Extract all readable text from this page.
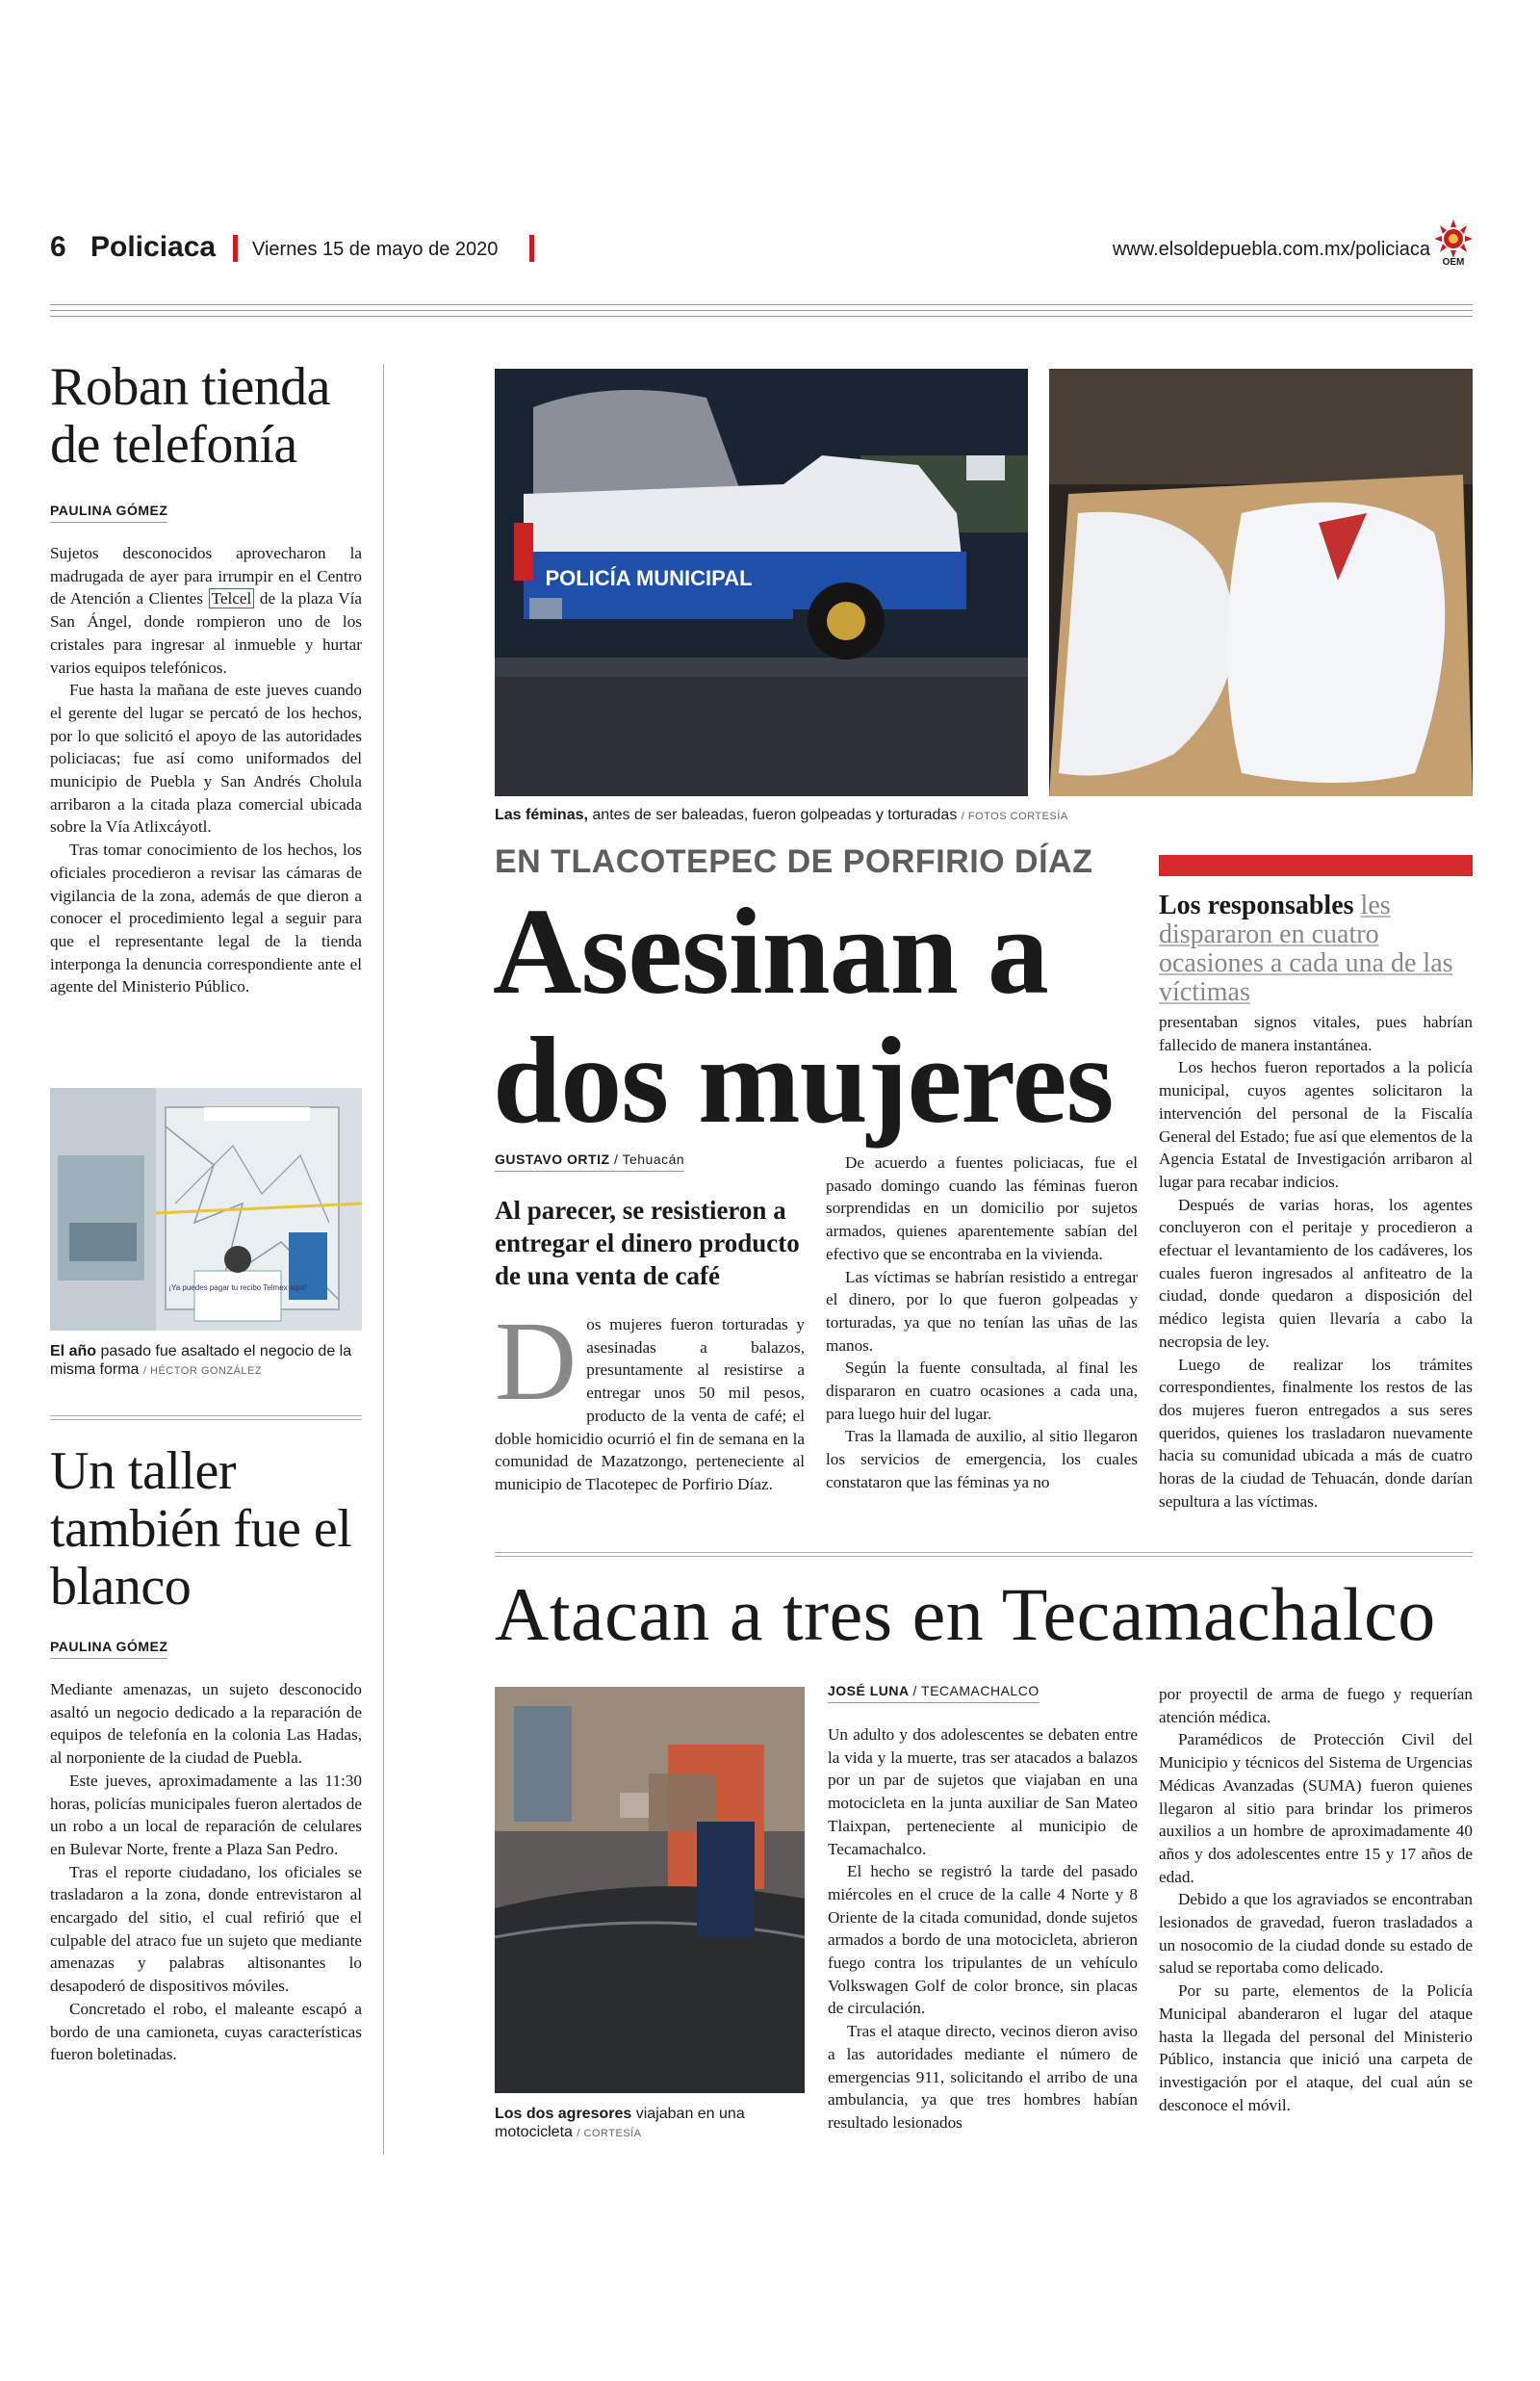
6 Policiaca Viernes 15 de mayo de 2020	www.elsoldepuebla.com.mx/policiaca
OEM
Roban tienda de telefonía
PAULINA GÓMEZ

Sujetos desconocidos aprovecharon la madrugada de ayer para irrumpir en el Centro de Atención a Clientes Telcel de la plaza Vía San Ángel, donde rompieron uno de los cristales para ingresar al inmueble y hurtar varios equipos telefónicos.

Fue hasta la mañana de este jueves cuando el gerente del lugar se percató de los hechos, por lo que solicitó el apoyo de las autoridades policiacas; fue así como uniformados del municipio de Puebla y San Andrés Cholula arribaron a la citada plaza comercial ubicada sobre la Vía Atlixcáyotl.

Tras tomar conocimiento de los hechos, los oficiales procedieron a revisar las cámaras de vigilancia de la zona, además de que dieron a conocer el procedimiento legal a seguir para que el representante legal de la tienda interponga la denuncia correspondiente ante el agente del Ministerio Público.

¡Ya puedes pagar tu recibo Telmex aquí!
El año pasado fue asaltado el negocio de la misma forma / HÉCTOR GONZÁLEZ
Un taller también fue el blanco
PAULINA GÓMEZ

Mediante amenazas, un sujeto desconocido asaltó un negocio dedicado a la reparación de equipos de telefonía en la colonia Las Hadas, al norponiente de la ciudad de Puebla.

Este jueves, aproximadamente a las 11:30 horas, policías municipales fueron alertados de un robo a un local de reparación de celulares en Bulevar Norte, frente a Plaza San Pedro.

Tras el reporte ciudadano, los oficiales se trasladaron a la zona, donde entrevistaron al encargado del sitio, el cual refirió que el culpable del atraco fue un sujeto que mediante amenazas y palabras altisonantes lo desapoderó de dispositivos móviles.

Concretado el robo, el maleante escapó a bordo de una camioneta, cuyas características fueron boletinadas.

POLICÍA MUNICIPAL
Las féminas, antes de ser baleadas, fueron golpeadas y torturadas / FOTOS CORTESÍA
EN TLACOTEPEC DE PORFIRIO DÍAZ
Asesinan a
dos mujeres
GUSTAVO ORTIZ / Tehuacán
Al parecer, se resistieron a entregar el dinero producto de una venta de café
Dos mujeres fueron torturadas y asesinadas a balazos, presuntamente al resistirse a entregar unos 50 mil pesos, producto de la venta de café; el doble homicidio ocurrió el fin de semana en la comunidad de Mazatzongo, perteneciente al municipio de Tlacotepec de Porfirio Díaz.

De acuerdo a fuentes policiacas, fue el pasado domingo cuando las féminas fueron sorprendidas en un domicilio por sujetos armados, quienes aparentemente sabían del efectivo que se encontraba en la vivienda.

Las víctimas se habrían resistido a entregar el dinero, por lo que fueron golpeadas y torturadas, ya que no tenían las uñas de las manos.

Según la fuente consultada, al final les dispararon en cuatro ocasiones a cada una, para luego huir del lugar.

Tras la llamada de auxilio, al sitio llegaron los servicios de emergencia, los cuales constataron que las féminas ya no

Los responsables les dispararon en cuatro ocasiones a cada una de las víctimas

presentaban signos vitales, pues habrían fallecido de manera instantánea.

Los hechos fueron reportados a la policía municipal, cuyos agentes solicitaron la intervención del personal de la Fiscalía General del Estado; fue así que elementos de la Agencia Estatal de Investigación arribaron al lugar para recabar indicios.

Después de varias horas, los agentes concluyeron con el peritaje y procedieron a efectuar el levantamiento de los cadáveres, los cuales fueron ingresados al anfiteatro de la ciudad, donde quedaron a disposición del médico legista quien llevaría a cabo la necropsia de ley.

Luego de realizar los trámites correspondientes, finalmente los restos de las dos mujeres fueron entregados a sus seres queridos, quienes los trasladaron nuevamente hacia su comunidad ubicada a más de cuatro horas de la ciudad de Tehuacán, donde darían sepultura a las víctimas.

Atacan a tres en Tecamachalco
Los dos agresores viajaban en una motocicleta / CORTESÍA
JOSÉ LUNA / TECAMACHALCO

Un adulto y dos adolescentes se debaten entre la vida y la muerte, tras ser atacados a balazos por un par de sujetos que viajaban en una motocicleta en la junta auxiliar de San Mateo Tlaixpan, perteneciente al municipio de Tecamachalco.

El hecho se registró la tarde del pasado miércoles en el cruce de la calle 4 Norte y 8 Oriente de la citada comunidad, donde sujetos armados a bordo de una motocicleta, abrieron fuego contra los tripulantes de un vehículo Volkswagen Golf de color bronce, sin placas de circulación.

Tras el ataque directo, vecinos dieron aviso a las autoridades mediante el número de emergencias 911, solicitando el arribo de una ambulancia, ya que tres hombres habían resultado lesionados

por proyectil de arma de fuego y requerían atención médica.

Paramédicos de Protección Civil del Municipio y técnicos del Sistema de Urgencias Médicas Avanzadas (SUMA) fueron quienes llegaron al sitio para brindar los primeros auxilios a un hombre de aproximadamente 40 años y dos adolescentes entre 15 y 17 años de edad.

Debido a que los agraviados se encontraban lesionados de gravedad, fueron trasladados a un nosocomio de la ciudad donde su estado de salud se reportaba como delicado.

Por su parte, elementos de la Policía Municipal abanderaron el lugar del ataque hasta la llegada del personal del Ministerio Público, instancia que inició una carpeta de investigación por el ataque, del cual aún se desconoce el móvil.
